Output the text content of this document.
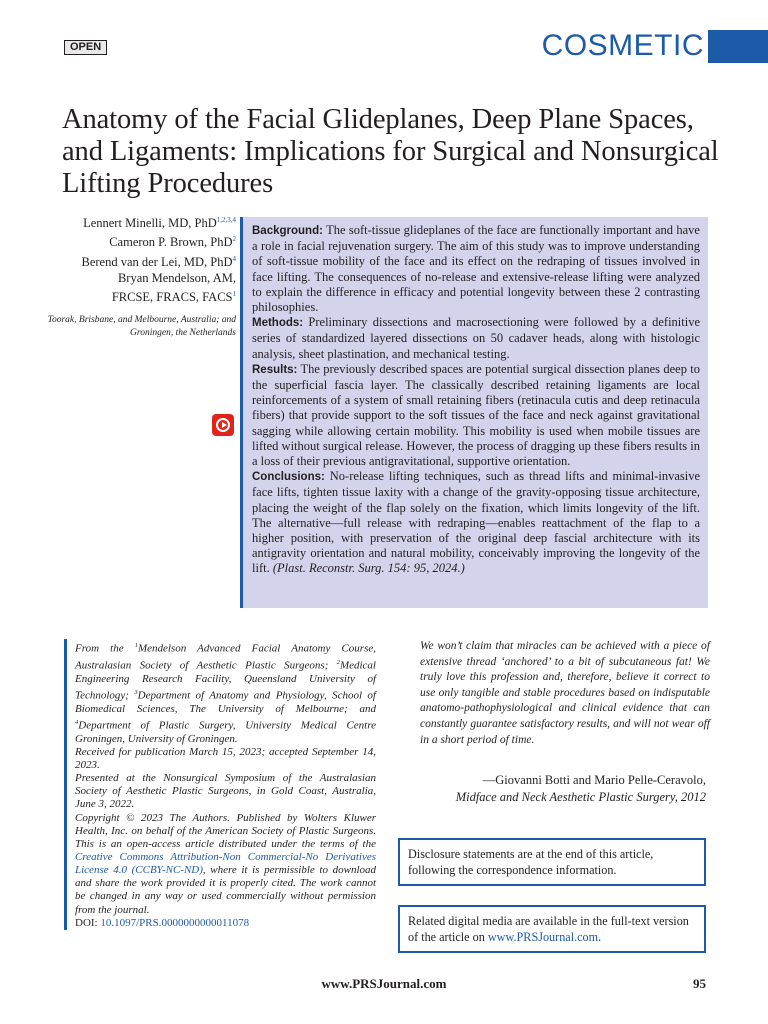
OPEN	COSMETIC
Anatomy of the Facial Glideplanes, Deep Plane Spaces, and Ligaments: Implications for Surgical and Nonsurgical Lifting Procedures
Lennert Minelli, MD, PhD$^{1,2,3,4}$
Cameron P. Brown, PhD$^2$
Berend van der Lei, MD, PhD$^4$
Bryan Mendelson, AM,
FRCSE, FRACS, FACS$^1$
Toorak, Brisbane, and Melbourne, Australia; and Groningen, the Netherlands

Background: The soft-tissue glideplanes of the face are functionally important and have a role in facial rejuvenation surgery. The aim of this study was to improve understanding of soft-tissue mobility of the face and its effect on the redraping of tissues involved in face lifting. The consequences of no-release and extensive-release lifting were analyzed to explain the difference in efficacy and potential longevity between these 2 contrasting philosophies.

Methods: Preliminary dissections and macrosectioning were followed by a definitive series of standardized layered dissections on 50 cadaver heads, along with histologic analysis, sheet plastination, and mechanical testing.

Results: The previously described spaces are potential surgical dissection planes deep to the superficial fascia layer. The classically described retaining ligaments are local reinforcements of a system of small retaining fibers (retinacula cutis and deep retinacula fibers) that provide support to the soft tissues of the face and neck against gravitational sagging while allowing certain mobility. This mobility is used when mobile tissues are lifted without surgical release. However, the process of dragging up these fibers results in a loss of their previous antigravitational, supportive orientation.

Conclusions: No-release lifting techniques, such as thread lifts and minimal-invasive face lifts, tighten tissue laxity with a change of the gravity-opposing tissue architecture, placing the weight of the flap solely on the fixation, which limits longevity of the lift. The alternative—full release with redraping—enables reattachment of the flap to a higher position, with preservation of the original deep fascial architecture with its antigravity orientation and natural mobility, conceivably improving the longevity of the lift. (Plast. Reconstr. Surg. 154: 95, 2024.)

From the $^1$Mendelson Advanced Facial Anatomy Course, Australasian Society of Aesthetic Plastic Surgeons; $^2$Medical Engineering Research Facility, Queensland University of Technology; $^3$Department of Anatomy and Physiology, School of Biomedical Sciences, The University of Melbourne; and $^4$Department of Plastic Surgery, University Medical Centre Groningen, University of Groningen.

Received for publication March 15, 2023; accepted September 14, 2023.

Presented at the Nonsurgical Symposium of the Australasian Society of Aesthetic Plastic Surgeons, in Gold Coast, Australia, June 3, 2022.

Copyright © 2023 The Authors. Published by Wolters Kluwer Health, Inc. on behalf of the American Society of Plastic Surgeons. This is an open-access article distributed under the terms of the Creative Commons Attribution-Non Commercial-No Derivatives License 4.0 (CCBY-NC-ND), where it is permissible to download and share the work provided it is properly cited. The work cannot be changed in any way or used commercially without permission from the journal.

DOI: 10.1097/PRS.0000000000011078

We won’t claim that miracles can be achieved with a piece of extensive thread ‘anchored’ to a bit of subcutaneous fat! We truly love this profession and, therefore, believe it correct to use only tangible and stable procedures based on indisputable anatomo-pathophysiological and clinical evidence that can constantly guarantee satisfactory results, and will not wear off in a short period of time.
—Giovanni Botti and Mario Pelle-Ceravolo,
Midface and Neck Aesthetic Plastic Surgery, 2012
Disclosure statements are at the end of this article, following the correspondence information.
Related digital media are available in the full-text version of the article on www.PRSJournal.com.
www.PRSJournal.com	95
